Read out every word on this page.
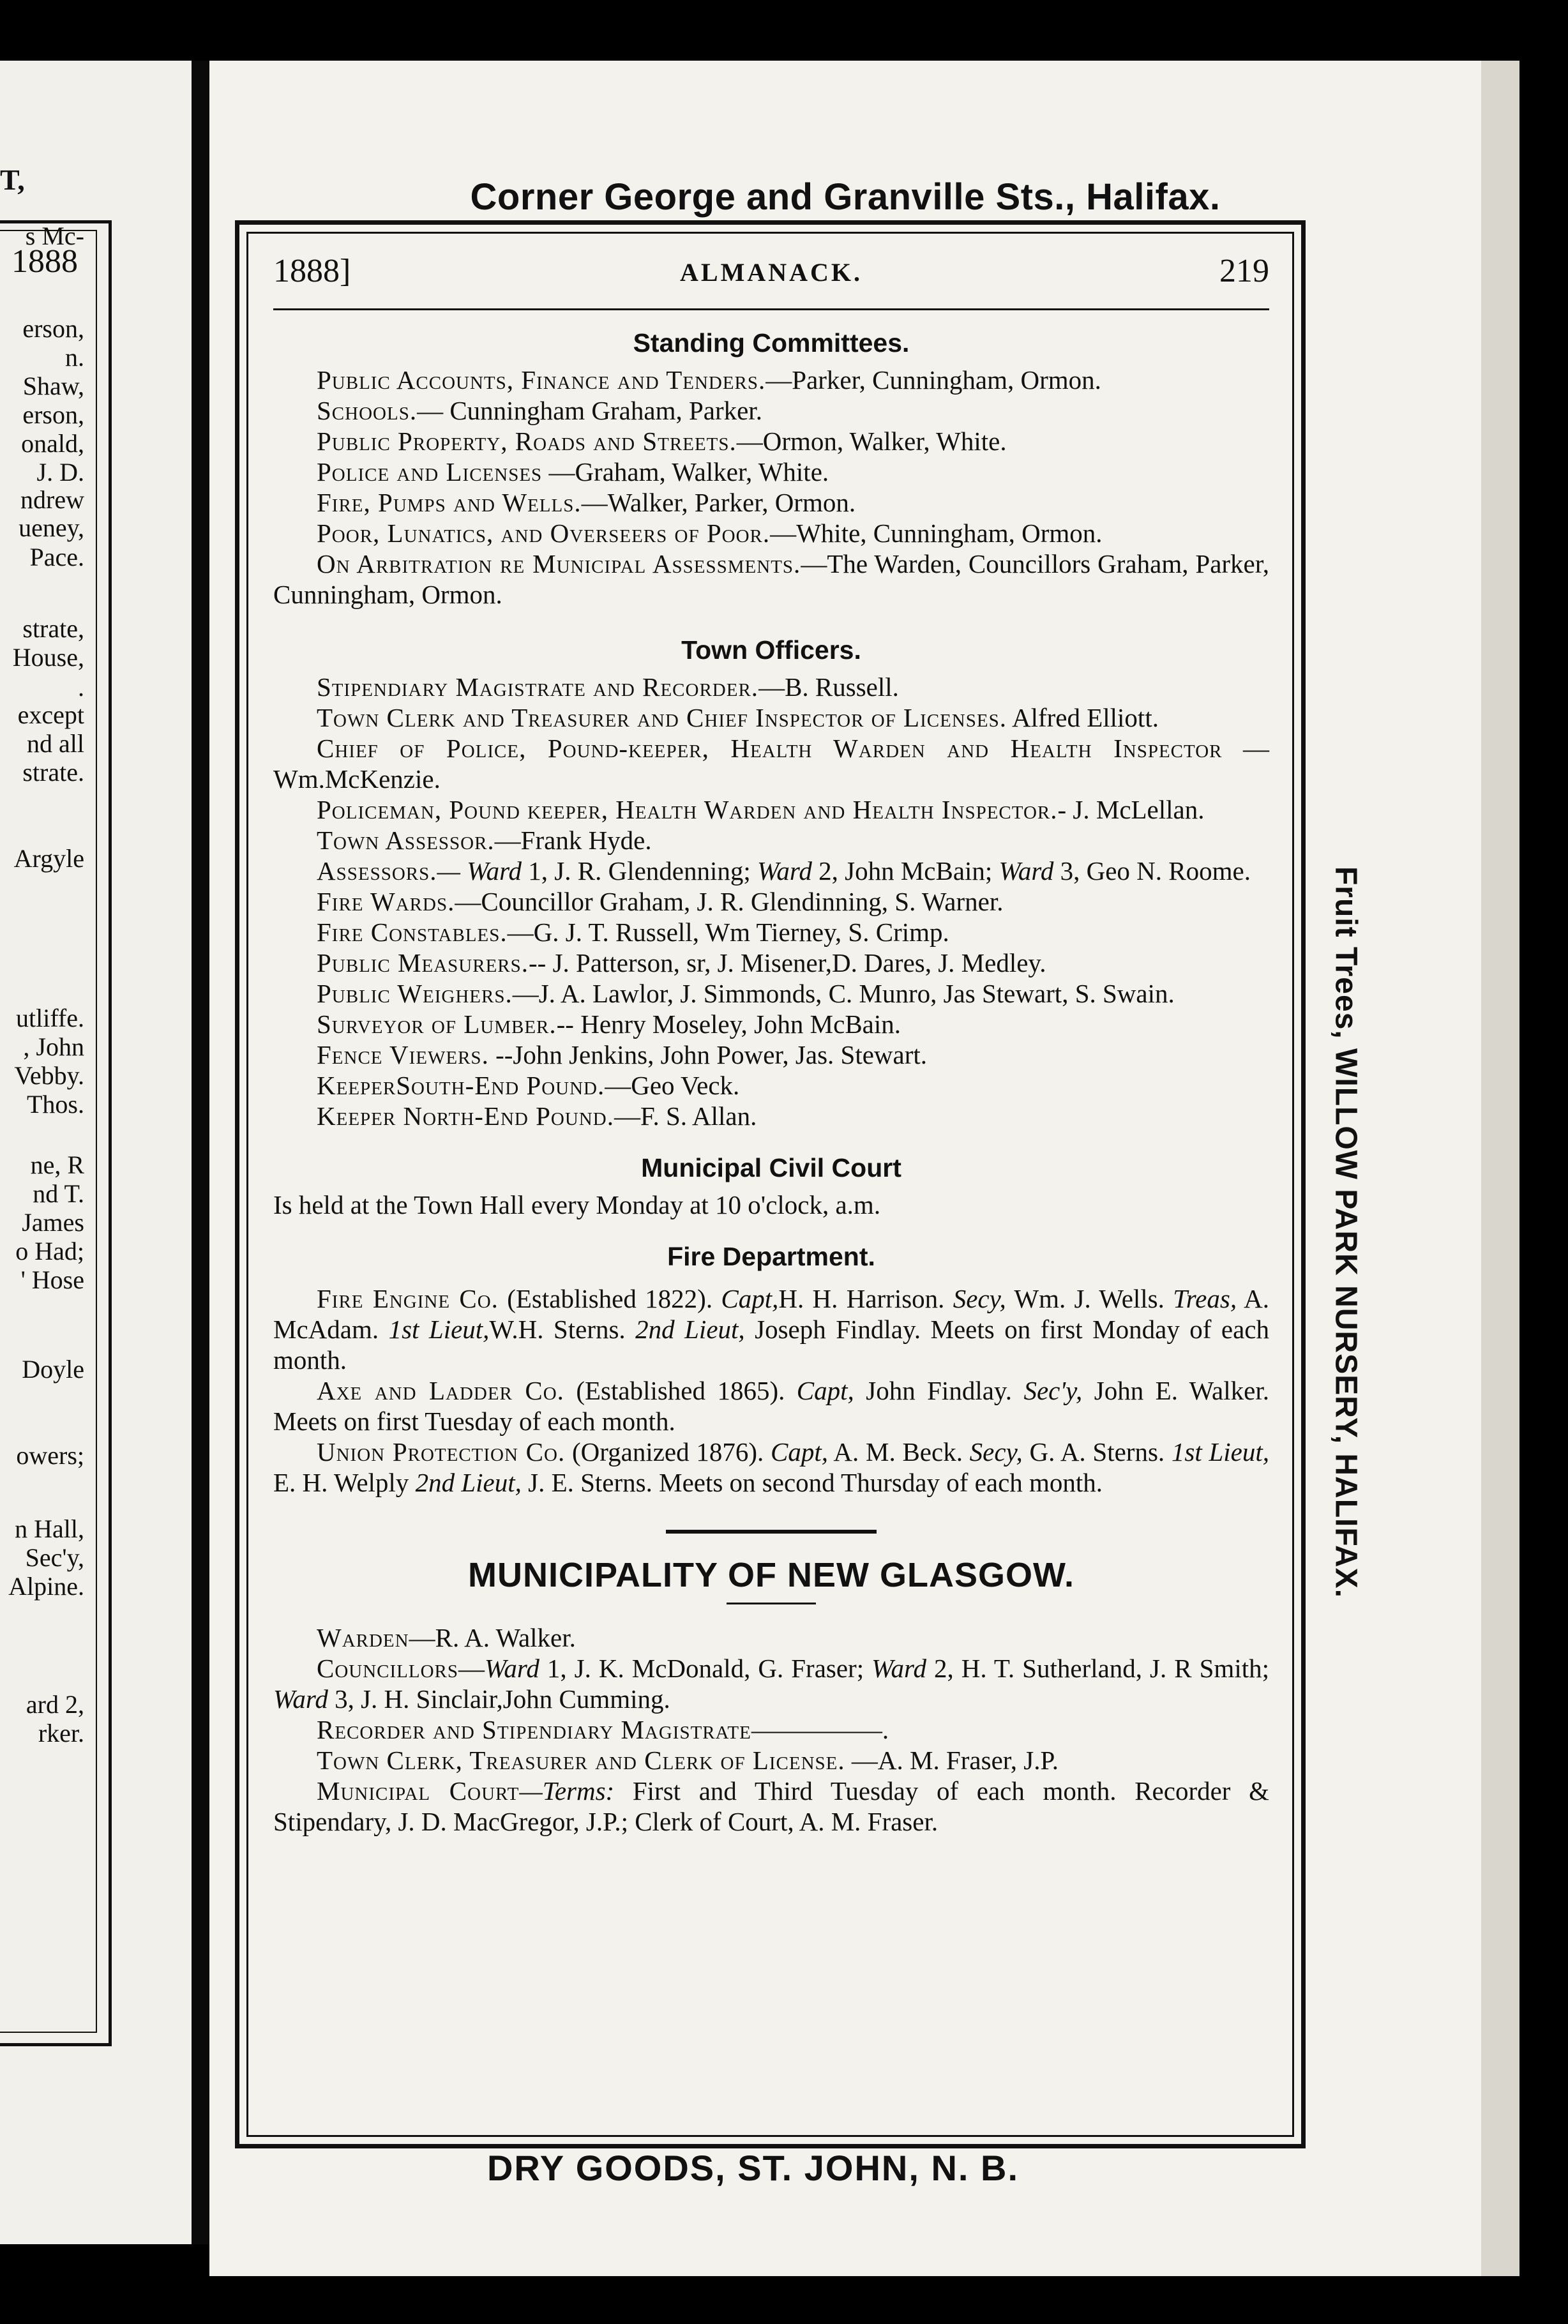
T,
1888
s Mc-
erson,
n.
Shaw,
erson,
onald,
J. D.
ndrew
ueney,
Pace.
strate,
House,
.
except
nd all
strate.
Argyle
utliffe.
, John
Vebby.
Thos.
ne, R
nd T.
James
o Had;
' Hose
Doyle
owers;
n Hall,
Sec'y,
Alpine.
ard 2,
rker.
Corner George and Granville Sts., Halifax.
1888]	ALMANACK.	219
Standing Committees.

Public Accounts, Finance and Tenders.—Parker, Cunningham, Ormon.

Schools.— Cunningham Graham, Parker.

Public Property, Roads and Streets.—Ormon, Walker, White.

Police and Licenses —Graham, Walker, White.

Fire, Pumps and Wells.—Walker, Parker, Ormon.

Poor, Lunatics, and Overseers of Poor.—White, Cunningham, Ormon.

On Arbitration re Municipal Assessments.—The Warden, Councillors Graham, Parker, Cunningham, Ormon.

Town Officers.

Stipendiary Magistrate and Recorder.—B. Russell.

Town Clerk and Treasurer and Chief Inspector of Licenses. Alfred Elliott.

Chief of Police, Pound-keeper, Health Warden and Health Inspector —Wm.McKenzie.

Policeman, Pound keeper, Health Warden and Health Inspector.- J. McLellan.

Town Assessor.—Frank Hyde.

Assessors.— Ward 1, J. R. Glendenning; Ward 2, John McBain; Ward 3, Geo N. Roome.

Fire Wards.—Councillor Graham, J. R. Glendinning, S. Warner.

Fire Constables.—G. J. T. Russell, Wm Tierney, S. Crimp.

Public Measurers.-- J. Patterson, sr, J. Misener,D. Dares, J. Medley.

Public Weighers.—J. A. Lawlor, J. Simmonds, C. Munro, Jas Stewart, S. Swain.

Surveyor of Lumber.-- Henry Moseley, John McBain.

Fence Viewers. --John Jenkins, John Power, Jas. Stewart.

KeeperSouth-End Pound.—Geo Veck.

Keeper North-End Pound.—F. S. Allan.

Municipal Civil Court

Is held at the Town Hall every Monday at 10 o'clock, a.m.

Fire Department.

Fire Engine Co. (Established 1822). Capt,H. H. Harrison. Secy, Wm. J. Wells. Treas, A. McAdam. 1st Lieut,W.H. Sterns. 2nd Lieut, Joseph Findlay. Meets on first Monday of each month.

Axe and Ladder Co. (Established 1865). Capt, John Findlay. Sec'y, John E. Walker. Meets on first Tuesday of each month.

Union Protection Co. (Organized 1876). Capt, A. M. Beck. Secy, G. A. Sterns. 1st Lieut, E. H. Welply 2nd Lieut, J. E. Sterns. Meets on second Thursday of each month.

MUNICIPALITY OF NEW GLASGOW.

Warden—R. A. Walker.

Councillors—Ward 1, J. K. McDonald, G. Fraser; Ward 2, H. T. Sutherland, J. R Smith; Ward 3, J. H. Sinclair,John Cumming.

Recorder and Stipendiary Magistrate—————.

Town Clerk, Treasurer and Clerk of License. —A. M. Fraser, J.P.

Municipal Court—Terms: First and Third Tuesday of each month. Recorder & Stipendary, J. D. MacGregor, J.P.; Clerk of Court, A. M. Fraser.

Fruit Trees, WILLOW PARK NURSERY, HALIFAX.
DRY GOODS, ST. JOHN, N. B.
